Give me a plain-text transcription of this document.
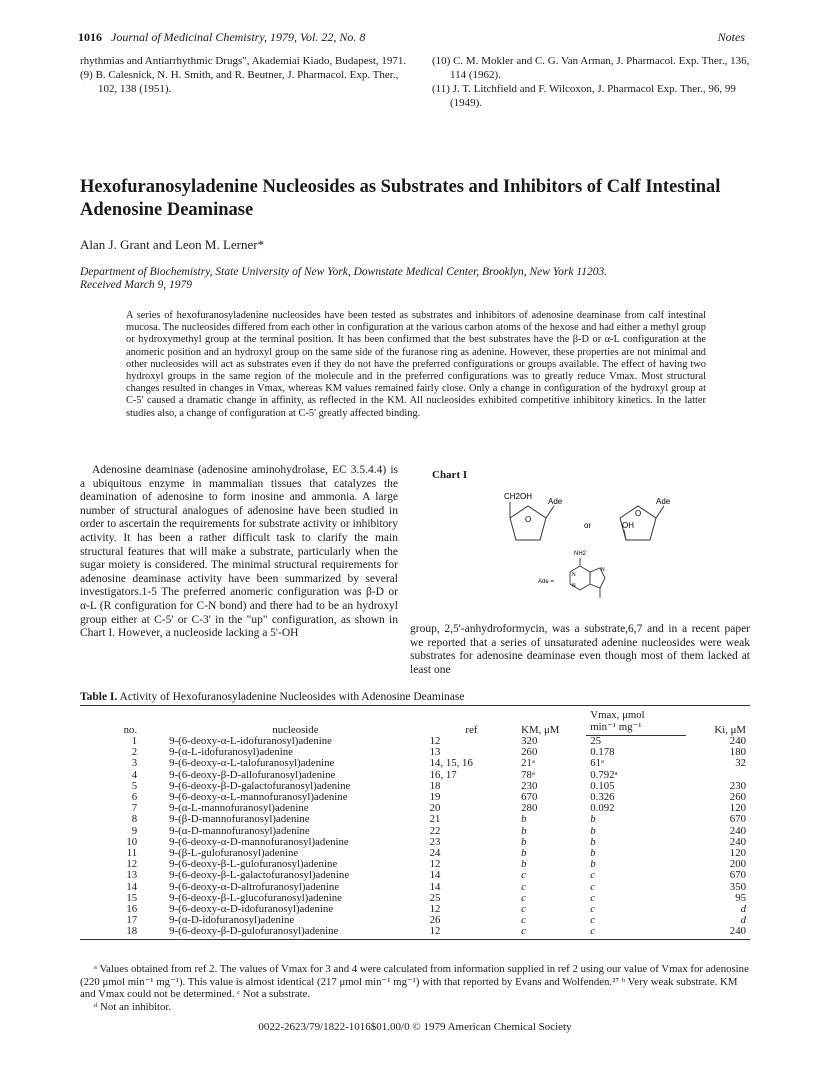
1016 Journal of Medicinal Chemistry, 1979, Vol. 22, No. 8	Notes
rhythmias and Antiarrhythmic Drugs", Akademiai Kiado, Budapest, 1971.
(9) B. Calesnick, N. H. Smith, and R. Beutner, J. Pharmacol. Exp. Ther., 102, 138 (1951).
(10) C. M. Mokler and C. G. Van Arman, J. Pharmacol. Exp. Ther., 136, 114 (1962).
(11) J. T. Litchfield and F. Wilcoxon, J. Pharmacol Exp. Ther., 96, 99 (1949).
Hexofuranosyladenine Nucleosides as Substrates and Inhibitors of Calf Intestinal Adenosine Deaminase
Alan J. Grant and Leon M. Lerner*
Department of Biochemistry, State University of New York, Downstate Medical Center, Brooklyn, New York 11203.
Received March 9, 1979
A series of hexofuranosyladenine nucleosides have been tested as substrates and inhibitors of adenosine deaminase from calf intestinal mucosa. The nucleosides differed from each other in configuration at the various carbon atoms of the hexose and had either a methyl group or hydroxymethyl group at the terminal position. It has been confirmed that the best substrates have the β-D or α-L configuration at the anomeric position and an hydroxyl group on the same side of the furanose ring as adenine. However, these properties are not minimal and other nucleosides will act as substrates even if they do not have the preferred configurations or groups available. The effect of having two hydroxyl groups in the same region of the molecule and in the preferred configurations was to greatly reduce Vmax. Most structural changes resulted in changes in Vmax, whereas KM values remained fairly close. Only a change in configuration of the hydroxyl group at C-5' caused a dramatic change in affinity, as reflected in the KM. All nucleosides exhibited competitive inhibitory kinetics. In the latter studies also, a change of configuration at C-5' greatly affected binding.

Adenosine deaminase (adenosine aminohydrolase, EC 3.5.4.4) is a ubiquitous enzyme in mammalian tissues that catalyzes the deamination of adenosine to form inosine and ammonia. A large number of structural analogues of adenosine have been studied in order to ascertain the requirements for substrate activity or inhibitory activity. It has been a rather difficult task to clarify the main structural features that will make a substrate, particularly when the sugar moiety is considered. The minimal structural requirements for adenosine deaminase activity have been summarized by several investigators.1-5 The preferred anomeric configuration was β-D or α-L (R configuration for C-N bond) and there had to be an hydroxyl group either at C-5' or C-3' in the "up" configuration, as shown in Chart I. However, a nucleoside lacking a 5'-OH

Chart I
CH2OH
O
Ade
or
O
Ade
OH
NH2
Ade =
N
N
N
group, 2,5'-anhydroformycin, was a substrate,6,7 and in a recent paper we reported that a series of unsaturated adenine nucleosides were weak substrates for adenosine deaminase even though most of them lacked at least one
Table I. Activity of Hexofuranosyladenine Nucleosides with Adenosine Deaminase
no.	nucleoside	ref	KM, μM	Vmax, μmol	Ki, μM
				min⁻¹ mg⁻¹	
1	9-(6-deoxy-α-L-idofuranosyl)adenine	12	320	25	240
2	9-(α-L-idofuranosyl)adenine	13	260	0.178	180
3	9-(6-deoxy-α-L-talofuranosyl)adenine	14, 15, 16	21ᵃ	61ᵃ	32
4	9-(6-deoxy-β-D-allofuranosyl)adenine	16, 17	78ᵃ	0.792ᵃ	
5	9-(6-deoxy-β-D-galactofuranosyl)adenine	18	230	0.105	230
6	9-(6-deoxy-α-L-mannofuranosyl)adenine	19	670	0.326	260
7	9-(α-L-mannofuranosyl)adenine	20	280	0.092	120
8	9-(β-D-mannofuranosyl)adenine	21	b	b	670
9	9-(α-D-mannofuranosyl)adenine	22	b	b	240
10	9-(6-deoxy-α-D-mannofuranosyl)adenine	23	b	b	240
11	9-(β-L-gulofuranosyl)adenine	24	b	b	120
12	9-(6-deoxy-β-L-gulofuranosyl)adenine	12	b	b	200
13	9-(6-deoxy-β-L-galactofuranosyl)adenine	14	c	c	670
14	9-(6-deoxy-α-D-altrofuranosyl)adenine	14	c	c	350
15	9-(6-deoxy-β-L-glucofuranosyl)adenine	25	c	c	95
16	9-(6-deoxy-α-D-idofuranosyl)adenine	12	c	c	d
17	9-(α-D-idofuranosyl)adenine	26	c	c	d
18	9-(6-deoxy-β-D-gulofuranosyl)adenine	12	c	c	240

ᵃ Values obtained from ref 2. The values of Vmax for 3 and 4 were calculated from information supplied in ref 2 using our value of Vmax for adenosine (220 μmol min⁻¹ mg⁻¹). This value is almost identical (217 μmol min⁻¹ mg⁻¹) with that reported by Evans and Wolfenden.²⁷ ᵇ Very weak substrate. KM and Vmax could not be determined. ᶜ Not a substrate.

ᵈ Not an inhibitor.

0022-2623/79/1822-1016$01.00/0 © 1979 American Chemical Society
